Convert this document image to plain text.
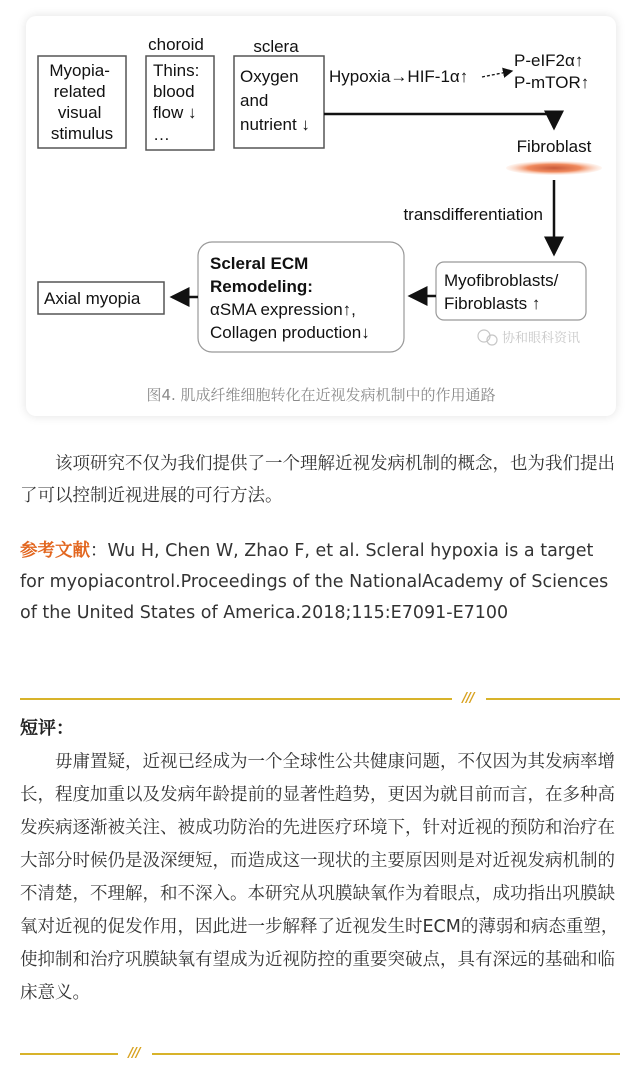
Myopia- related visual stimulus
choroid
Thins: blood flow ↓ …
sclera
Oxygen and nutrient ↓
Hypoxia→HIF-1α↑
P-eIF2α↑
P-mTOR↑
Fibroblast
transdifferentiation
Myofibroblasts/ Fibroblasts ↑
Scleral ECM Remodeling: αSMA expression↑, Collagen production↓
Axial myopia
协和眼科资讯
图4. 肌成纤维细胞转化在近视发病机制中的作用通路

该项研究不仅为我们提供了一个理解近视发病机制的概念，也为我们提出了可以控制近视进展的可行方法。

参考文献：Wu H, Chen W, Zhao F, et al. Scleral hypoxia is a target for myopiacontrol.Proceedings of the NationalAcademy of Sciences of the United States of America.2018;115:E7091-E7100

///
短评：

毋庸置疑，近视已经成为一个全球性公共健康问题，不仅因为其发病率增长，程度加重以及发病年龄提前的显著性趋势，更因为就目前而言，在多种高发疾病逐渐被关注、被成功防治的先进医疗环境下，针对近视的预防和治疗在大部分时候仍是汲深绠短，而造成这一现状的主要原因则是对近视发病机制的不清楚，不理解，和不深入。本研究从巩膜缺氧作为着眼点，成功指出巩膜缺氧对近视的促发作用，因此进一步解释了近视发生时ECM的薄弱和病态重塑，使抑制和治疗巩膜缺氧有望成为近视防控的重要突破点，具有深远的基础和临床意义。

///
